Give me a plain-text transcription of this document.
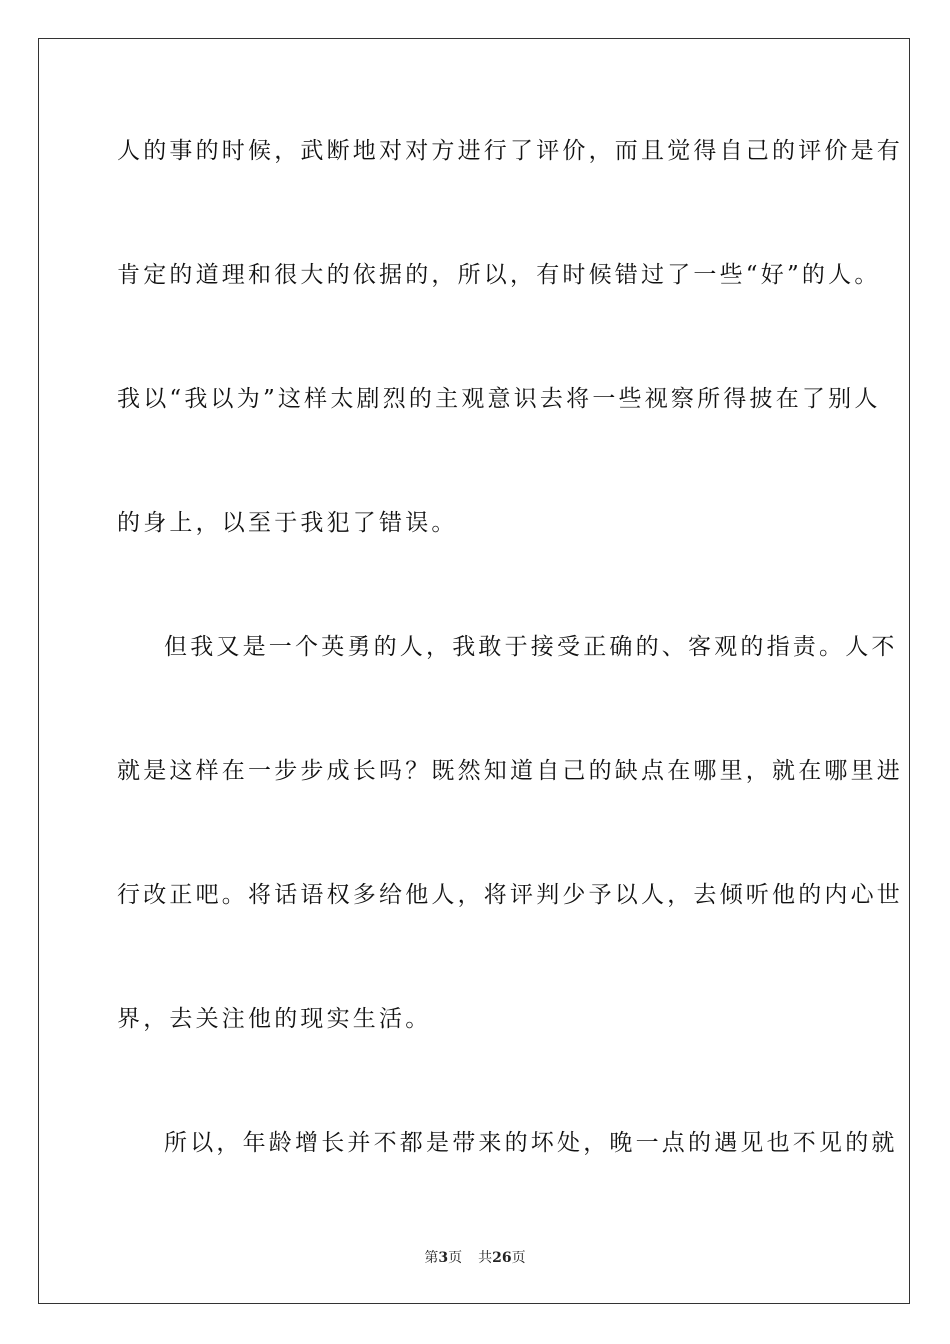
人的事的时候，武断地对对方进行了评价，而且觉得自己的评价是有
肯定的道理和很大的依据的，所以，有时候错过了一些“好”的人。
我以“我以为”这样太剧烈的主观意识去将一些视察所得披在了别人
的身上，以至于我犯了错误。
但我又是一个英勇的人，我敢于接受正确的、客观的指责。人不
就是这样在一步步成长吗？既然知道自己的缺点在哪里，就在哪里进
行改正吧。将话语权多给他人，将评判少予以人，去倾听他的内心世
界，去关注他的现实生活。
所以，年龄增长并不都是带来的坏处，晚一点的遇见也不见的就
第3页 共26页
